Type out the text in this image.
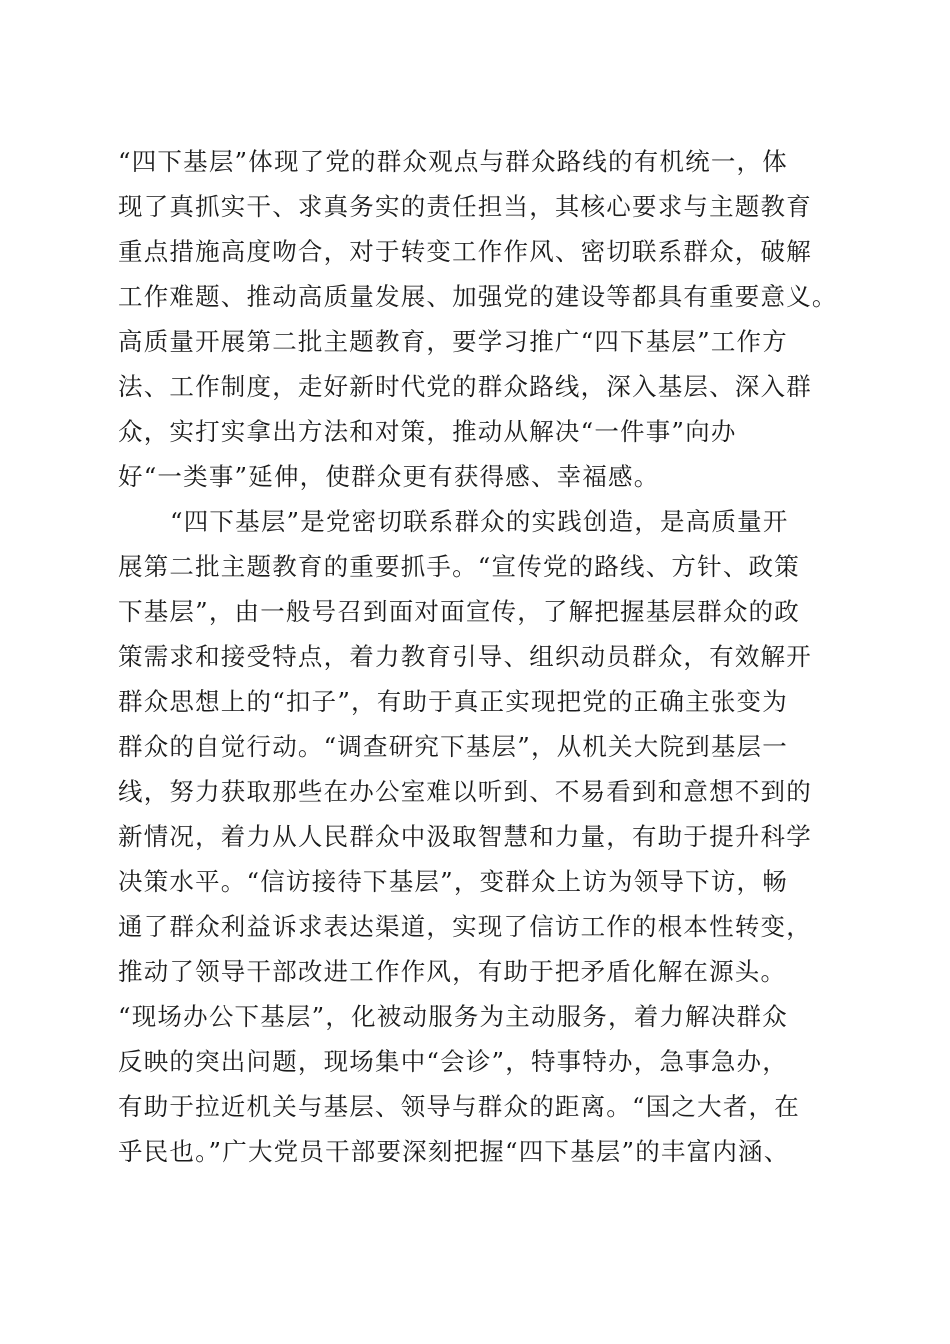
“四下基层”体现了党的群众观点与群众路线的有机统一，体
现了真抓实干、求真务实的责任担当，其核心要求与主题教育
重点措施高度吻合，对于转变工作作风、密切联系群众，破解
工作难题、推动高质量发展、加强党的建设等都具有重要意义。
高质量开展第二批主题教育，要学习推广“四下基层”工作方
法、工作制度，走好新时代党的群众路线，深入基层、深入群
众，实打实拿出方法和对策，推动从解决“一件事”向办
好“一类事”延伸，使群众更有获得感、幸福感。
“四下基层”是党密切联系群众的实践创造，是高质量开
展第二批主题教育的重要抓手。“宣传党的路线、方针、政策
下基层”，由一般号召到面对面宣传，了解把握基层群众的政
策需求和接受特点，着力教育引导、组织动员群众，有效解开
群众思想上的“扣子”，有助于真正实现把党的正确主张变为
群众的自觉行动。“调查研究下基层”，从机关大院到基层一
线，努力获取那些在办公室难以听到、不易看到和意想不到的
新情况，着力从人民群众中汲取智慧和力量，有助于提升科学
决策水平。“信访接待下基层”，变群众上访为领导下访，畅
通了群众利益诉求表达渠道，实现了信访工作的根本性转变，
推动了领导干部改进工作作风，有助于把矛盾化解在源头。
“现场办公下基层”，化被动服务为主动服务，着力解决群众
反映的突出问题，现场集中“会诊”，特事特办，急事急办，
有助于拉近机关与基层、领导与群众的距离。“国之大者，在
乎民也。”广大党员干部要深刻把握“四下基层”的丰富内涵、
